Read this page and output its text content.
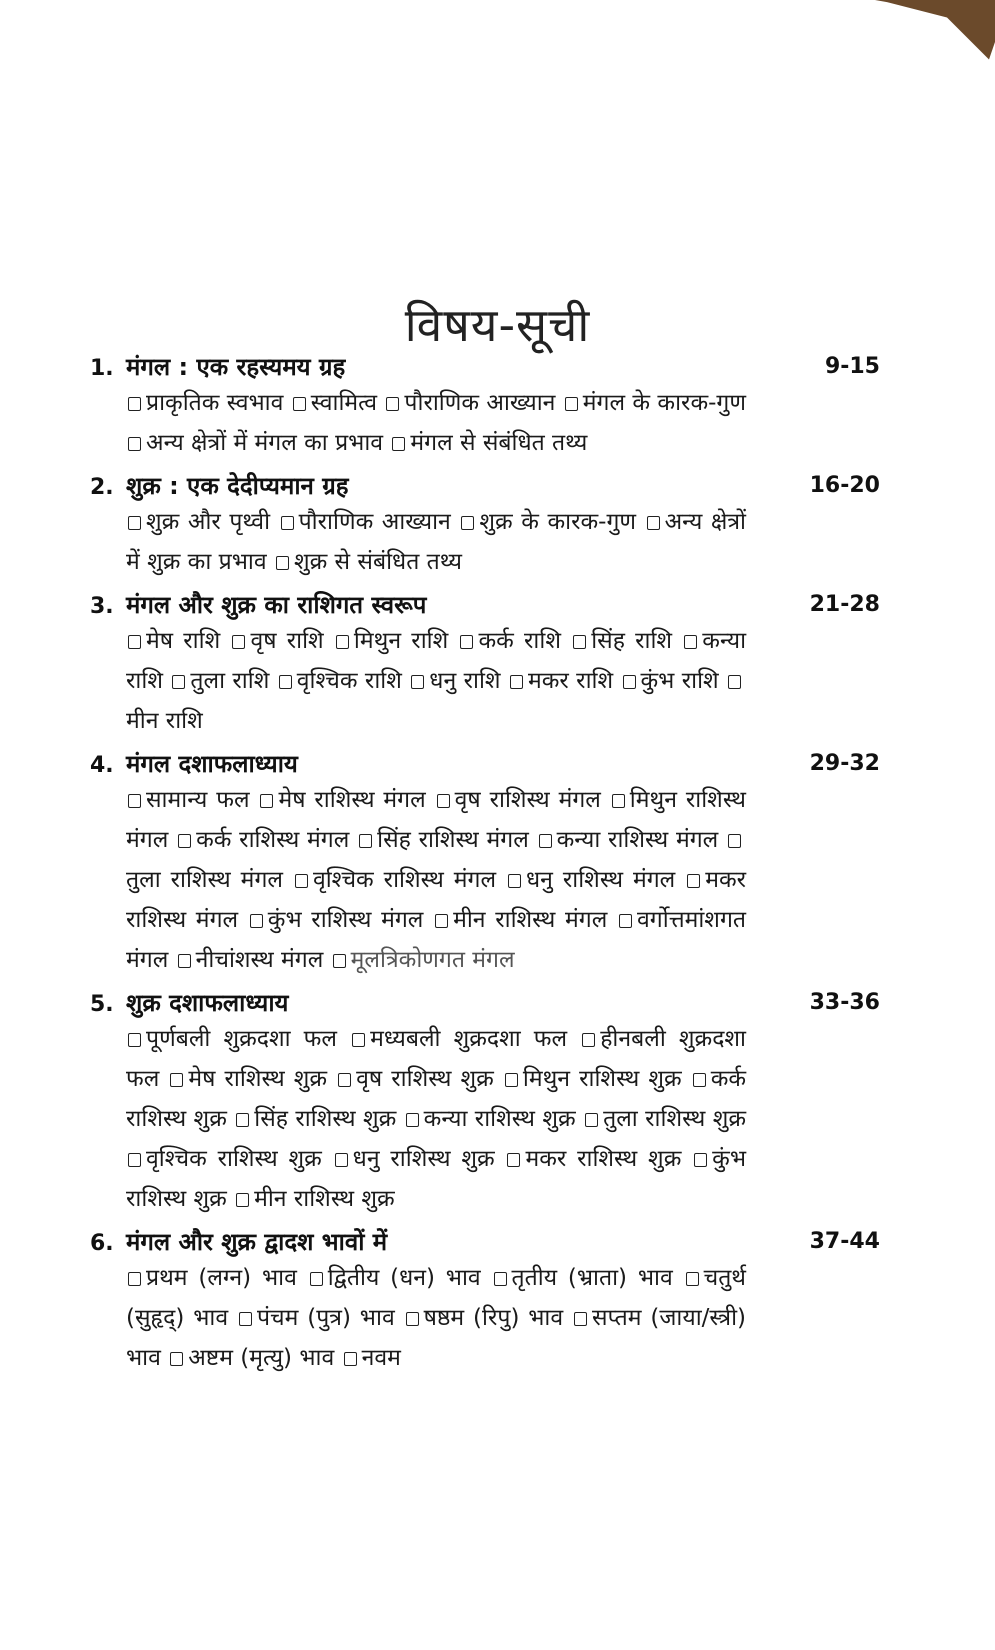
विषय-सूची
1. मंगल : एक रहस्यमय ग्रह	9-15
प्राकृतिक स्वभाव स्वामित्व पौराणिक आख्यान मंगल के कारक-गुण अन्य क्षेत्रों में मंगल का प्रभाव मंगल से संबंधित तथ्य
2. शुक्र : एक देदीप्यमान ग्रह	16-20
शुक्र और पृथ्वी पौराणिक आख्यान शुक्र के कारक-गुण अन्य क्षेत्रों में शुक्र का प्रभाव शुक्र से संबंधित तथ्य
3. मंगल और शुक्र का राशिगत स्वरूप	21-28
मेष राशि वृष राशि मिथुन राशि कर्क राशि सिंह राशि कन्या राशि तुला राशि वृश्चिक राशि धनु राशि मकर राशि कुंभ राशि मीन राशि
4. मंगल दशाफलाध्याय	29-32
सामान्य फल मेष राशिस्थ मंगल वृष राशिस्थ मंगल मिथुन राशिस्थ मंगल कर्क राशिस्थ मंगल सिंह राशिस्थ मंगल कन्या राशिस्थ मंगल तुला राशिस्थ मंगल वृश्चिक राशिस्थ मंगल धनु राशिस्थ मंगल मकर राशिस्थ मंगल कुंभ राशिस्थ मंगल मीन राशिस्थ मंगल वर्गोत्तमांशगत मंगल नीचांशस्थ मंगल मूलत्रिकोणगत मंगल
5. शुक्र दशाफलाध्याय	33-36
पूर्णबली शुक्रदशा फल मध्यबली शुक्रदशा फल हीनबली शुक्रदशा फल मेष राशिस्थ शुक्र वृष राशिस्थ शुक्र मिथुन राशिस्थ शुक्र कर्क राशिस्थ शुक्र सिंह राशिस्थ शुक्र कन्या राशिस्थ शुक्र तुला राशिस्थ शुक्र वृश्चिक राशिस्थ शुक्र धनु राशिस्थ शुक्र मकर राशिस्थ शुक्र कुंभ राशिस्थ शुक्र मीन राशिस्थ शुक्र
6. मंगल और शुक्र द्वादश भावों में	37-44
प्रथम (लग्न) भाव द्वितीय (धन) भाव तृतीय (भ्राता) भाव चतुर्थ (सुहृद्) भाव पंचम (पुत्र) भाव षष्ठम (रिपु) भाव सप्तम (जाया/स्त्री) भाव अष्टम (मृत्यु) भाव नवम
